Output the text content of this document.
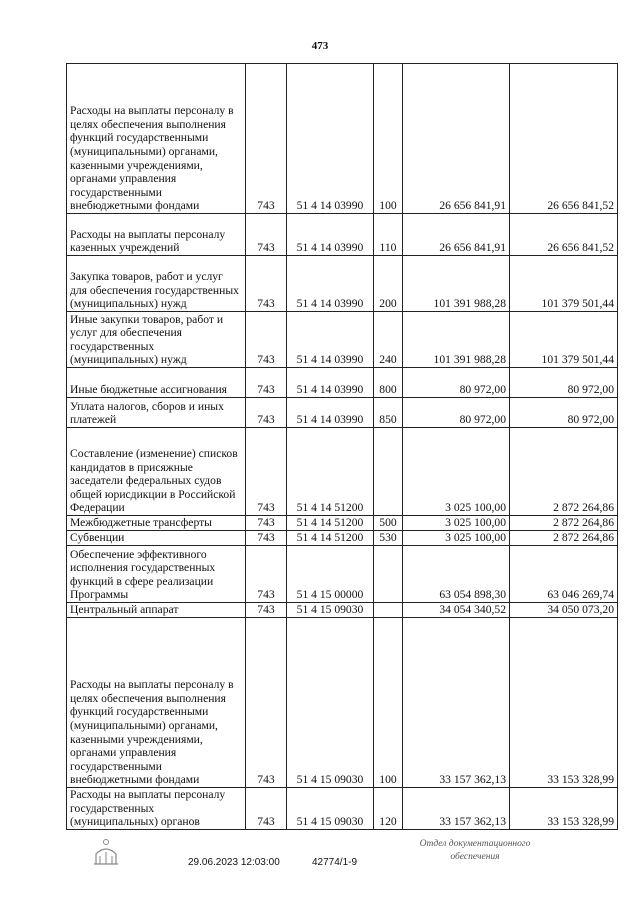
473
Расходы на выплаты персоналу в целях обеспечения выполнения функций государственными (муниципальными) органами, казенными учреждениями, органами управления государственными внебюджетными фондами	743	51 4 14 03990	100	26 656 841,91	26 656 841,52
Расходы на выплаты персоналу казенных учреждений	743	51 4 14 03990	110	26 656 841,91	26 656 841,52
Закупка товаров, работ и услуг для обеспечения государственных (муниципальных) нужд	743	51 4 14 03990	200	101 391 988,28	101 379 501,44
Иные закупки товаров, работ и услуг для обеспечения государственных (муниципальных) нужд	743	51 4 14 03990	240	101 391 988,28	101 379 501,44
Иные бюджетные ассигнования	743	51 4 14 03990	800	80 972,00	80 972,00
Уплата налогов, сборов и иных платежей	743	51 4 14 03990	850	80 972,00	80 972,00
Составление (изменение) списков кандидатов в присяжные заседатели федеральных судов общей юрисдикции в Российской Федерации	743	51 4 14 51200		3 025 100,00	2 872 264,86
Межбюджетные трансферты	743	51 4 14 51200	500	3 025 100,00	2 872 264,86
Субвенции	743	51 4 14 51200	530	3 025 100,00	2 872 264,86
Обеспечение эффективного исполнения государственных функций в сфере реализации Программы	743	51 4 15 00000		63 054 898,30	63 046 269,74
Центральный аппарат	743	51 4 15 09030		34 054 340,52	34 050 073,20
Расходы на выплаты персоналу в целях обеспечения выполнения функций государственными (муниципальными) органами, казенными учреждениями, органами управления государственными внебюджетными фондами	743	51 4 15 09030	100	33 157 362,13	33 153 328,99
Расходы на выплаты персоналу государственных (муниципальных) органов	743	51 4 15 09030	120	33 157 362,13	33 153 328,99
29.06.2023 12:03:00	42774/1-9
Отдел документационного обеспечения
